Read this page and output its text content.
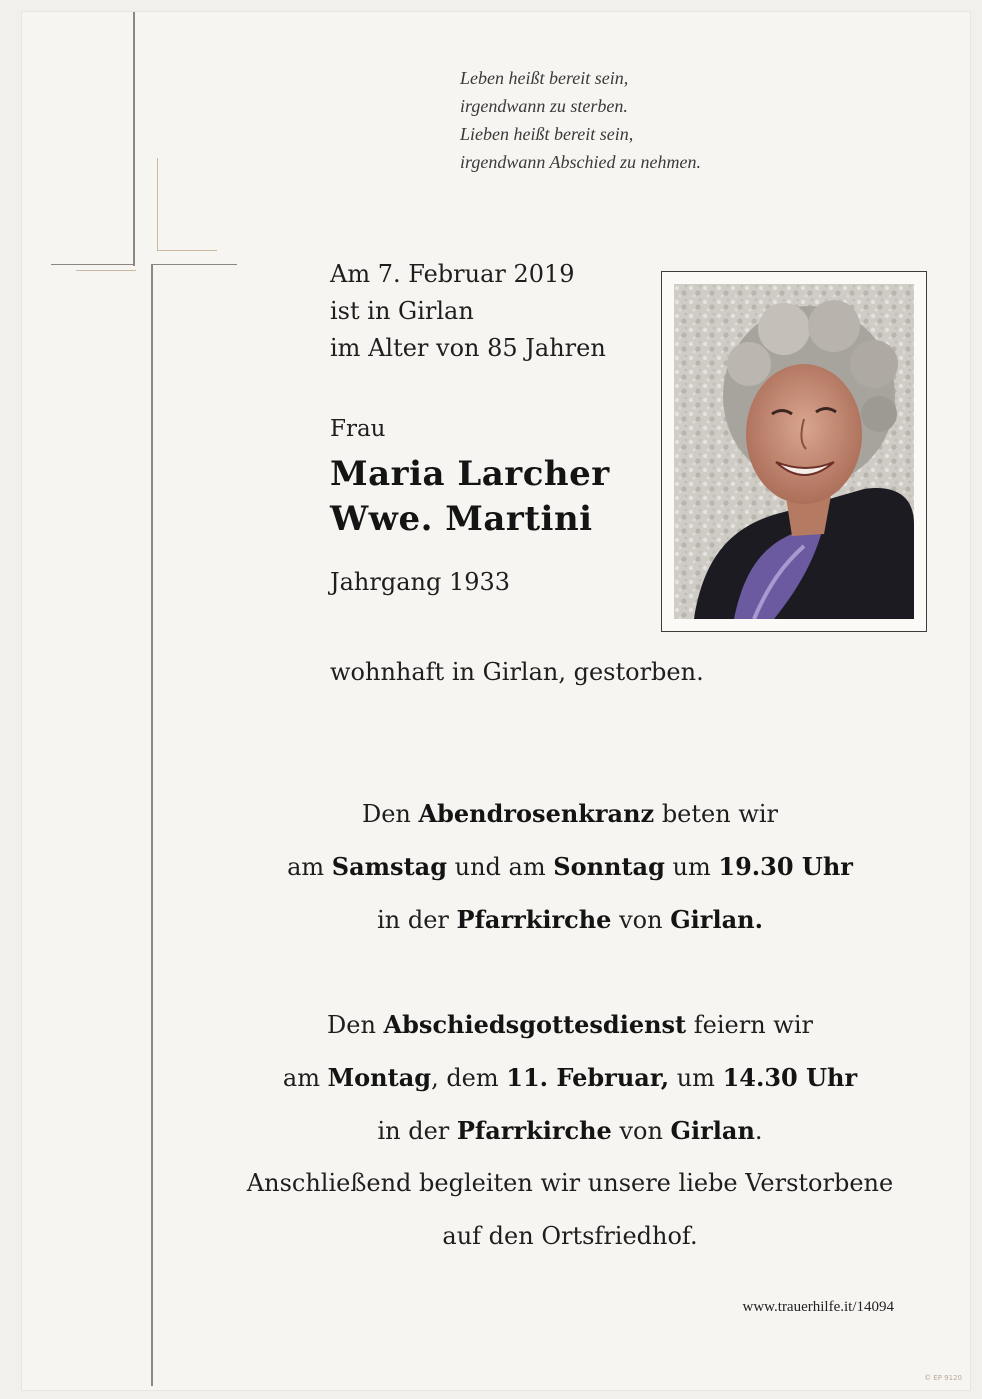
Leben heißt bereit sein,
irgendwann zu sterben.
Lieben heißt bereit sein,
irgendwann Abschied zu nehmen.
Am 7. Februar 2019
ist in Girlan
im Alter von 85 Jahren
Frau
Maria Larcher
Wwe. Martini
Jahrgang 1933
wohnhaft in Girlan, gestorben.
Den Abendrosenkranz beten wir
am Samstag und am Sonntag um 19.30 Uhr
in der Pfarrkirche von Girlan.
Den Abschiedsgottesdienst feiern wir
am Montag, dem 11. Februar, um 14.30 Uhr
in der Pfarrkirche von Girlan.
Anschließend begleiten wir unsere liebe Verstorbene
auf den Ortsfriedhof.
www.trauerhilfe.it/14094
© EP 9120
